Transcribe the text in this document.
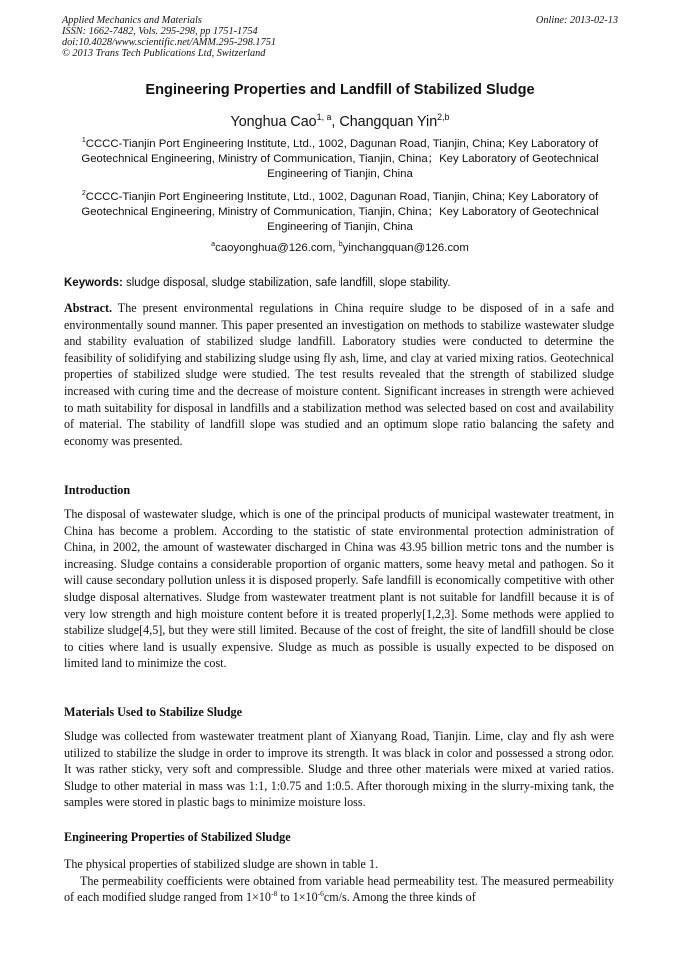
Applied Mechanics and Materials
ISSN: 1662-7482, Vols. 295-298, pp 1751-1754
doi:10.4028/www.scientific.net/AMM.295-298.1751
© 2013 Trans Tech Publications Ltd, Switzerland
Online: 2013-02-13
Engineering Properties and Landfill of Stabilized Sludge
Yonghua Cao$^{1, a}$, Changquan Yin$^{2,b}$
$^1$CCCC-Tianjin Port Engineering Institute, Ltd., 1002, Dagunan Road, Tianjin, China; Key Laboratory of Geotechnical Engineering, Ministry of Communication, Tianjin, China；Key Laboratory of Geotechnical Engineering of Tianjin, China
$^2$CCCC-Tianjin Port Engineering Institute, Ltd., 1002, Dagunan Road, Tianjin, China; Key Laboratory of Geotechnical Engineering, Ministry of Communication, Tianjin, China；Key Laboratory of Geotechnical Engineering of Tianjin, China
$^a$caoyonghua@126.com, $^b$yinchangquan@126.com
Keywords: sludge disposal, sludge stabilization, safe landfill, slope stability.
Abstract. The present environmental regulations in China require sludge to be disposed of in a safe and environmentally sound manner. This paper presented an investigation on methods to stabilize wastewater sludge and stability evaluation of stabilized sludge landfill. Laboratory studies were conducted to determine the feasibility of solidifying and stabilizing sludge using fly ash, lime, and clay at varied mixing ratios. Geotechnical properties of stabilized sludge were studied. The test results revealed that the strength of stabilized sludge increased with curing time and the decrease of moisture content. Significant increases in strength were achieved to math suitability for disposal in landfills and a stabilization method was selected based on cost and availability of material. The stability of landfill slope was studied and an optimum slope ratio balancing the safety and economy was presented.
Introduction
The disposal of wastewater sludge, which is one of the principal products of municipal wastewater treatment, in China has become a problem. According to the statistic of state environmental protection administration of China, in 2002, the amount of wastewater discharged in China was 43.95 billion metric tons and the number is increasing. Sludge contains a considerable proportion of organic matters, some heavy metal and pathogen. So it will cause secondary pollution unless it is disposed properly. Safe landfill is economically competitive with other sludge disposal alternatives. Sludge from wastewater treatment plant is not suitable for landfill because it is of very low strength and high moisture content before it is treated properly[1,2,3]. Some methods were applied to stabilize sludge[4,5], but they were still limited. Because of the cost of freight, the site of landfill should be close to cities where land is usually expensive. Sludge as much as possible is usually expected to be disposed on limited land to minimize the cost.
Materials Used to Stabilize Sludge
Sludge was collected from wastewater treatment plant of Xianyang Road, Tianjin. Lime, clay and fly ash were utilized to stabilize the sludge in order to improve its strength. It was black in color and possessed a strong odor. It was rather sticky, very soft and compressible. Sludge and three other materials were mixed at varied ratios. Sludge to other material in mass was 1:1, 1:0.75 and 1:0.5. After thorough mixing in the slurry-mixing tank, the samples were stored in plastic bags to minimize moisture loss.
Engineering Properties of Stabilized Sludge
The physical properties of stabilized sludge are shown in table 1.
The permeability coefficients were obtained from variable head permeability test. The measured permeability of each modified sludge ranged from $1\times 10^{-8}$ to $1\times 10^{-6}cm/s$. Among the three kinds of
